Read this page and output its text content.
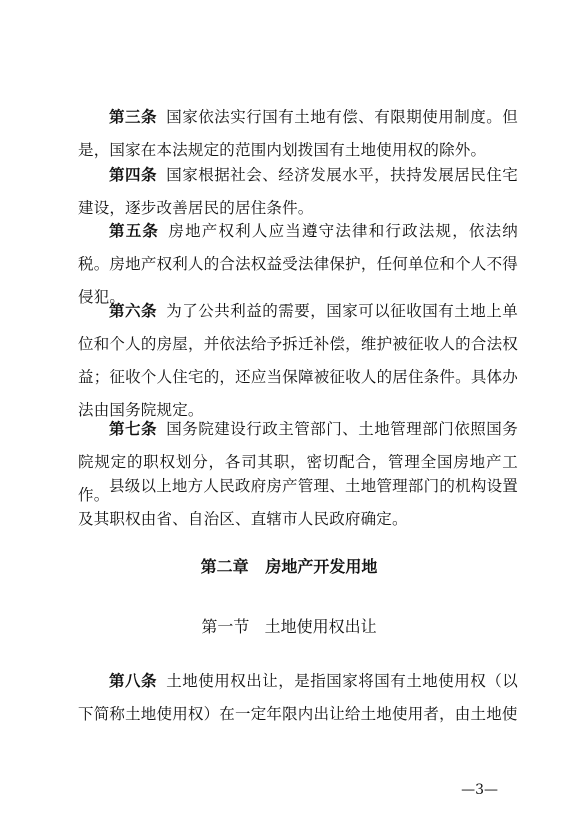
第三条 国家依法实行国有土地有偿、有限期使用制度。但是，国家在本法规定的范围内划拨国有土地使用权的除外。

第四条 国家根据社会、经济发展水平，扶持发展居民住宅建设，逐步改善居民的居住条件。

第五条 房地产权利人应当遵守法律和行政法规，依法纳税。房地产权利人的合法权益受法律保护，任何单位和个人不得侵犯。

第六条 为了公共利益的需要，国家可以征收国有土地上单位和个人的房屋，并依法给予拆迁补偿，维护被征收人的合法权益；征收个人住宅的，还应当保障被征收人的居住条件。具体办法由国务院规定。

第七条 国务院建设行政主管部门、土地管理部门依照国务院规定的职权划分，各司其职，密切配合，管理全国房地产工作。 县级以上地方人民政府房产管理、土地管理部门的机构设置及其职权由省、自治区、直辖市人民政府确定。

第二章 房地产开发用地

第一节 土地使用权出让

第八条 土地使用权出让，是指国家将国有土地使用权（以下简称土地使用权）在一定年限内出让给土地使用者，由土地使

—3—
